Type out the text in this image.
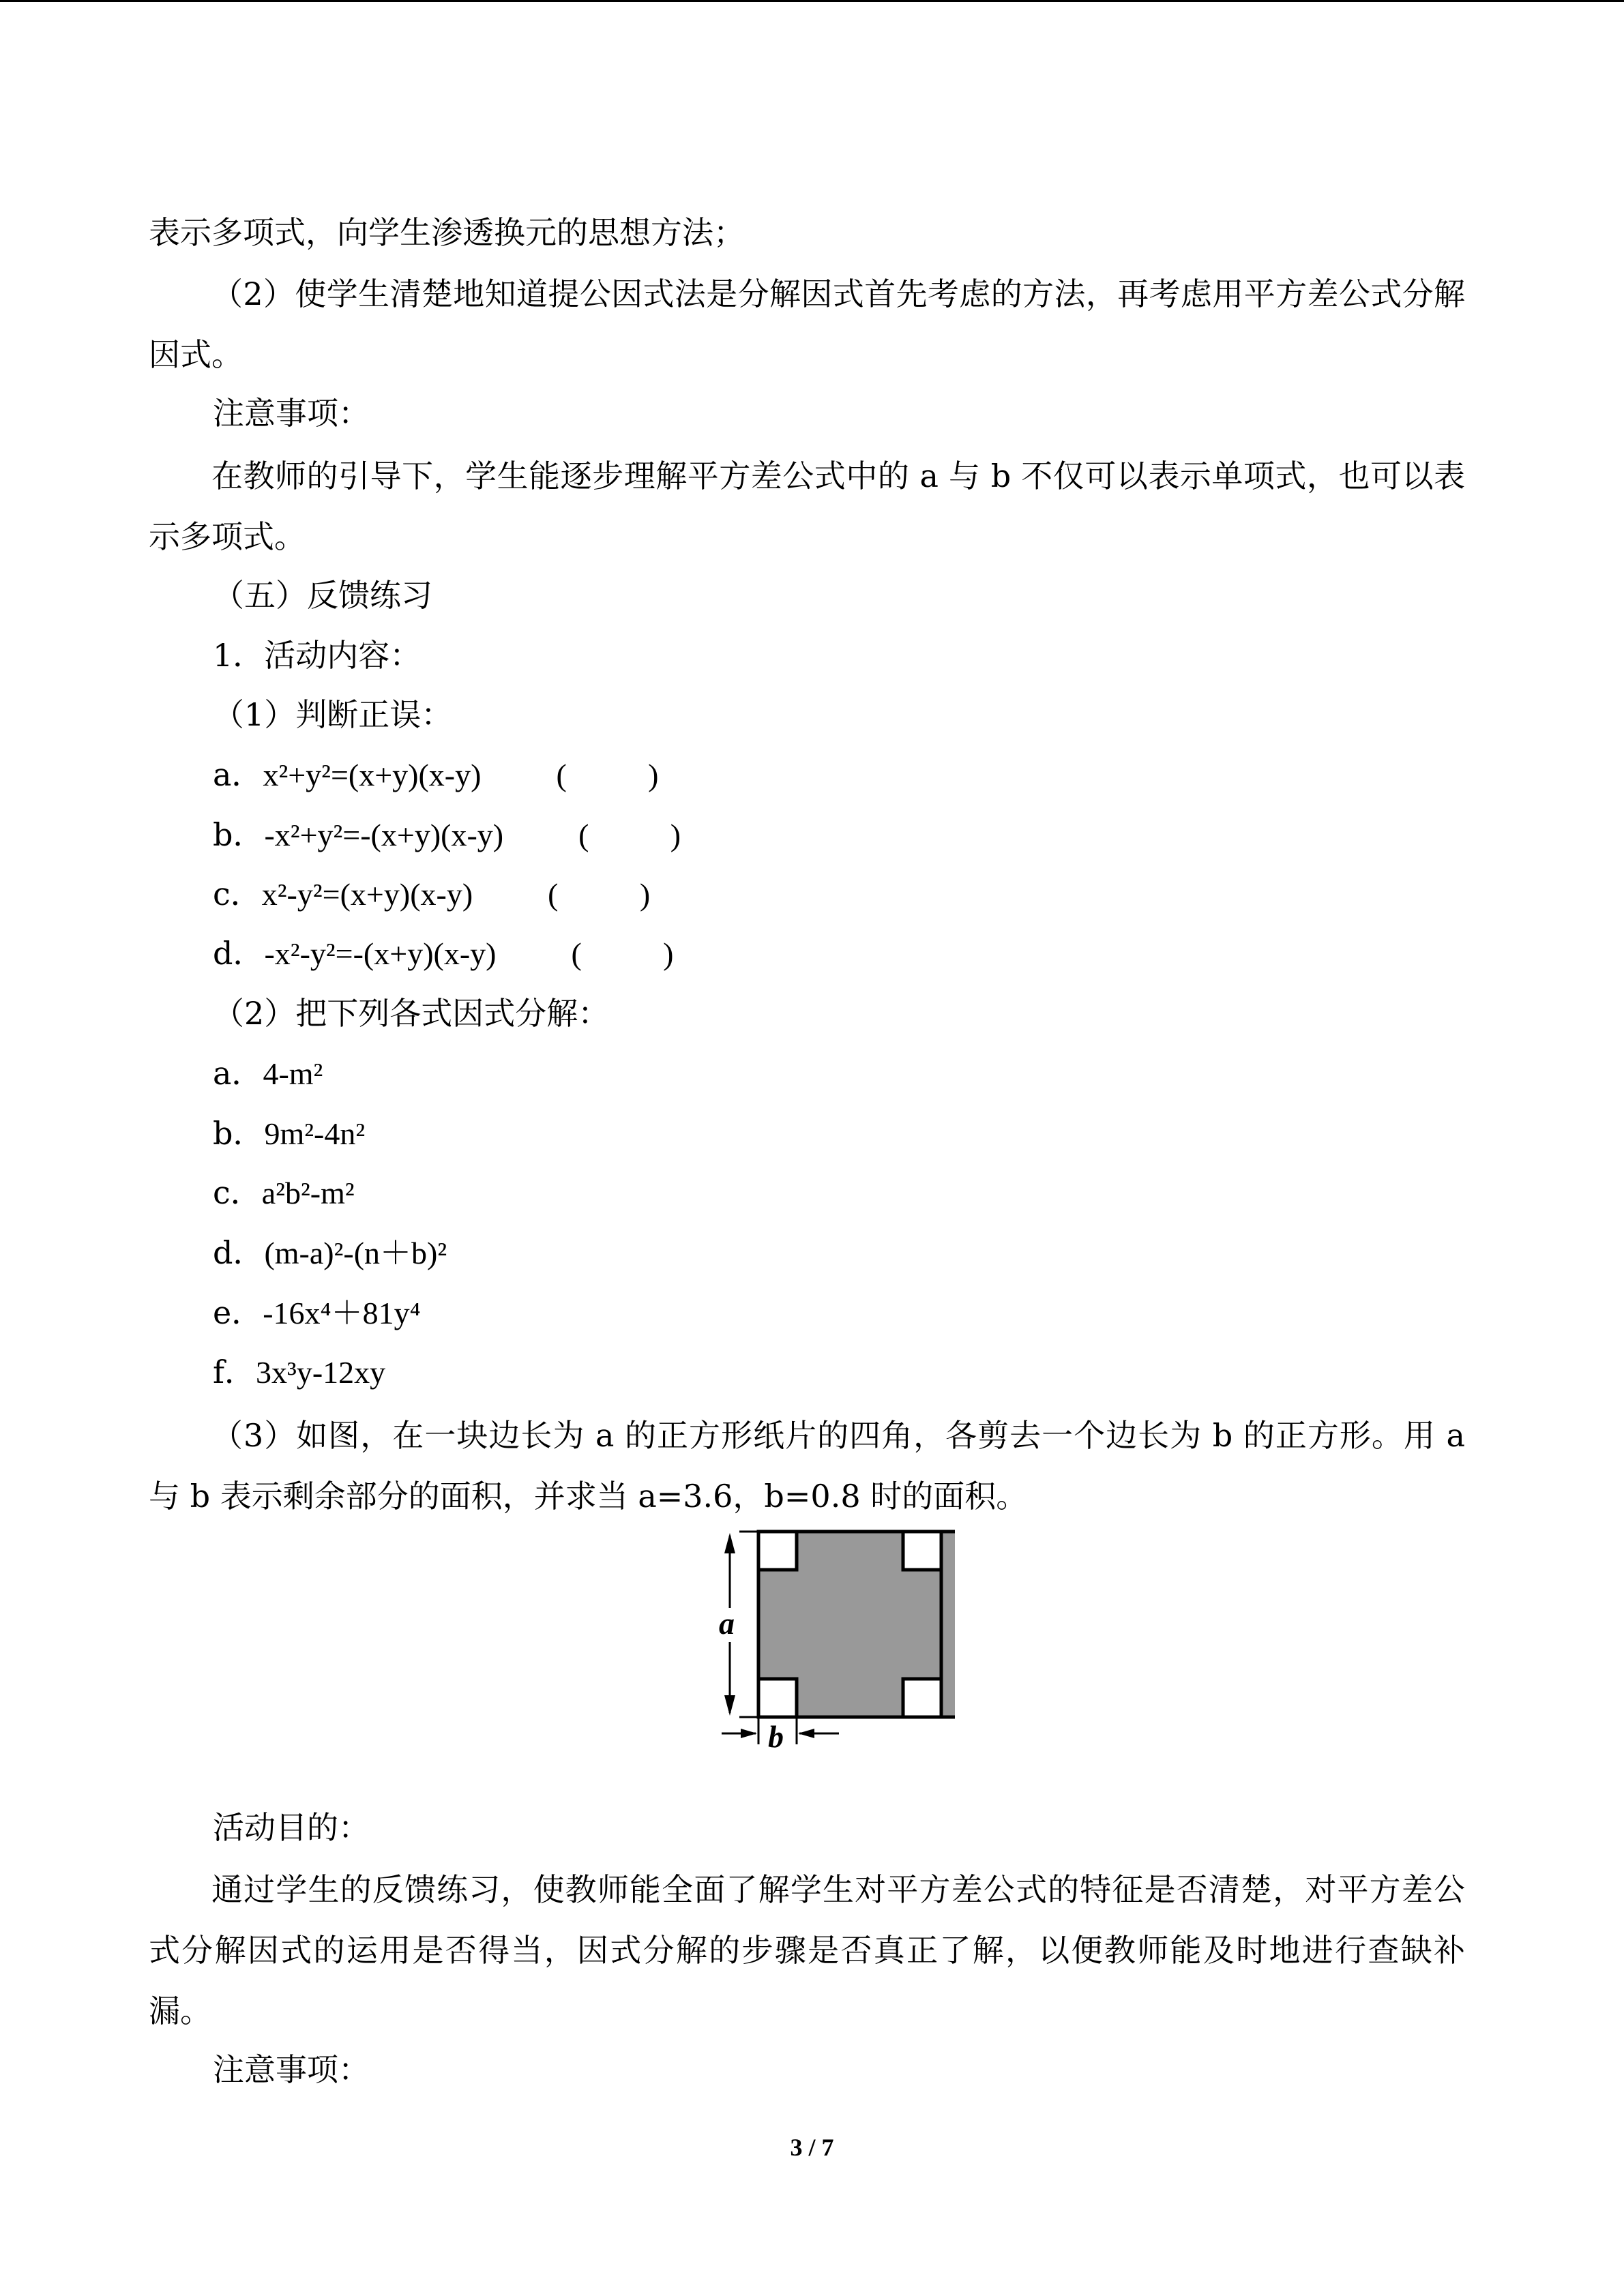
表示多项式，向学生渗透换元的思想方法；

（2）使学生清楚地知道提公因式法是分解因式首先考虑的方法，再考虑用平方差公式分解因式。

注意事项：

在教师的引导下，学生能逐步理解平方差公式中的 a 与 b 不仅可以表示单项式，也可以表示多项式。

（五）反馈练习

1．活动内容：

（1）判断正误：

a．x²+y²=(x+y)(x-y) (　　)

b．-x²+y²=-(x+y)(x-y) (　　)

c．x²-y²=(x+y)(x-y) (　　)

d．-x²-y²=-(x+y)(x-y) (　　)

（2）把下列各式因式分解：

a．4-m²

b．9m²-4n²

c．a²b²-m²

d．(m-a)²-(n＋b)²

e．-16x⁴＋81y⁴

f．3x³y-12xy

（3）如图，在一块边长为 a 的正方形纸片的四角，各剪去一个边长为 b 的正方形。用 a 与 b 表示剩余部分的面积，并求当 a=3.6，b=0.8 时的面积。

a
b

活动目的：

通过学生的反馈练习，使教师能全面了解学生对平方差公式的特征是否清楚，对平方差公式分解因式的运用是否得当，因式分解的步骤是否真正了解，以便教师能及时地进行查缺补漏。

注意事项：

3 / 7
